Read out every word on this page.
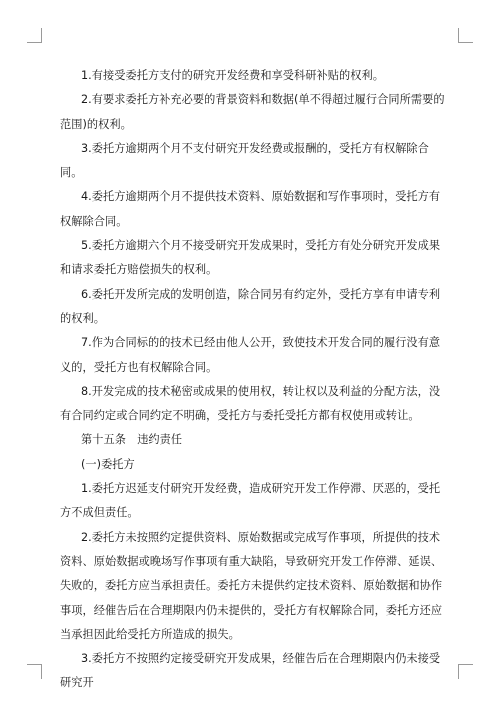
1.有接受委托方支付的研究开发经费和享受科研补贴的权利。

2.有要求委托方补充必要的背景资料和数据(单不得超过履行合同所需要的范围)的权利。

3.委托方逾期两个月不支付研究开发经费或报酬的，受托方有权解除合同。

4.委托方逾期两个月不提供技术资料、原始数据和写作事项时，受托方有权解除合同。

5.委托方逾期六个月不接受研究开发成果时，受托方有处分研究开发成果和请求委托方赔偿损失的权利。

6.委托开发所完成的发明创造，除合同另有约定外，受托方享有申请专利的权利。

7.作为合同标的的技术已经由他人公开，致使技术开发合同的履行没有意义的，受托方也有权解除合同。

8.开发完成的技术秘密或成果的使用权，转让权以及利益的分配方法，没有合同约定或合同约定不明确，受托方与委托受托方都有权使用或转让。

第十五条　违约责任

(一)委托方

1.委托方迟延支付研究开发经费，造成研究开发工作停滞、厌恶的，受托方不成但责任。

2.委托方未按照约定提供资料、原始数据或完成写作事项，所提供的技术资料、原始数据或晚场写作事项有重大缺陷，导致研究开发工作停滞、延误、失败的，委托方应当承担责任。委托方未提供约定技术资料、原始数据和协作事项，经催告后在合理期限内仍未提供的，受托方有权解除合同，委托方还应当承担因此给受托方所造成的损失。

3.委托方不按照约定接受研究开发成果，经催告后在合理期限内仍未接受研究开
